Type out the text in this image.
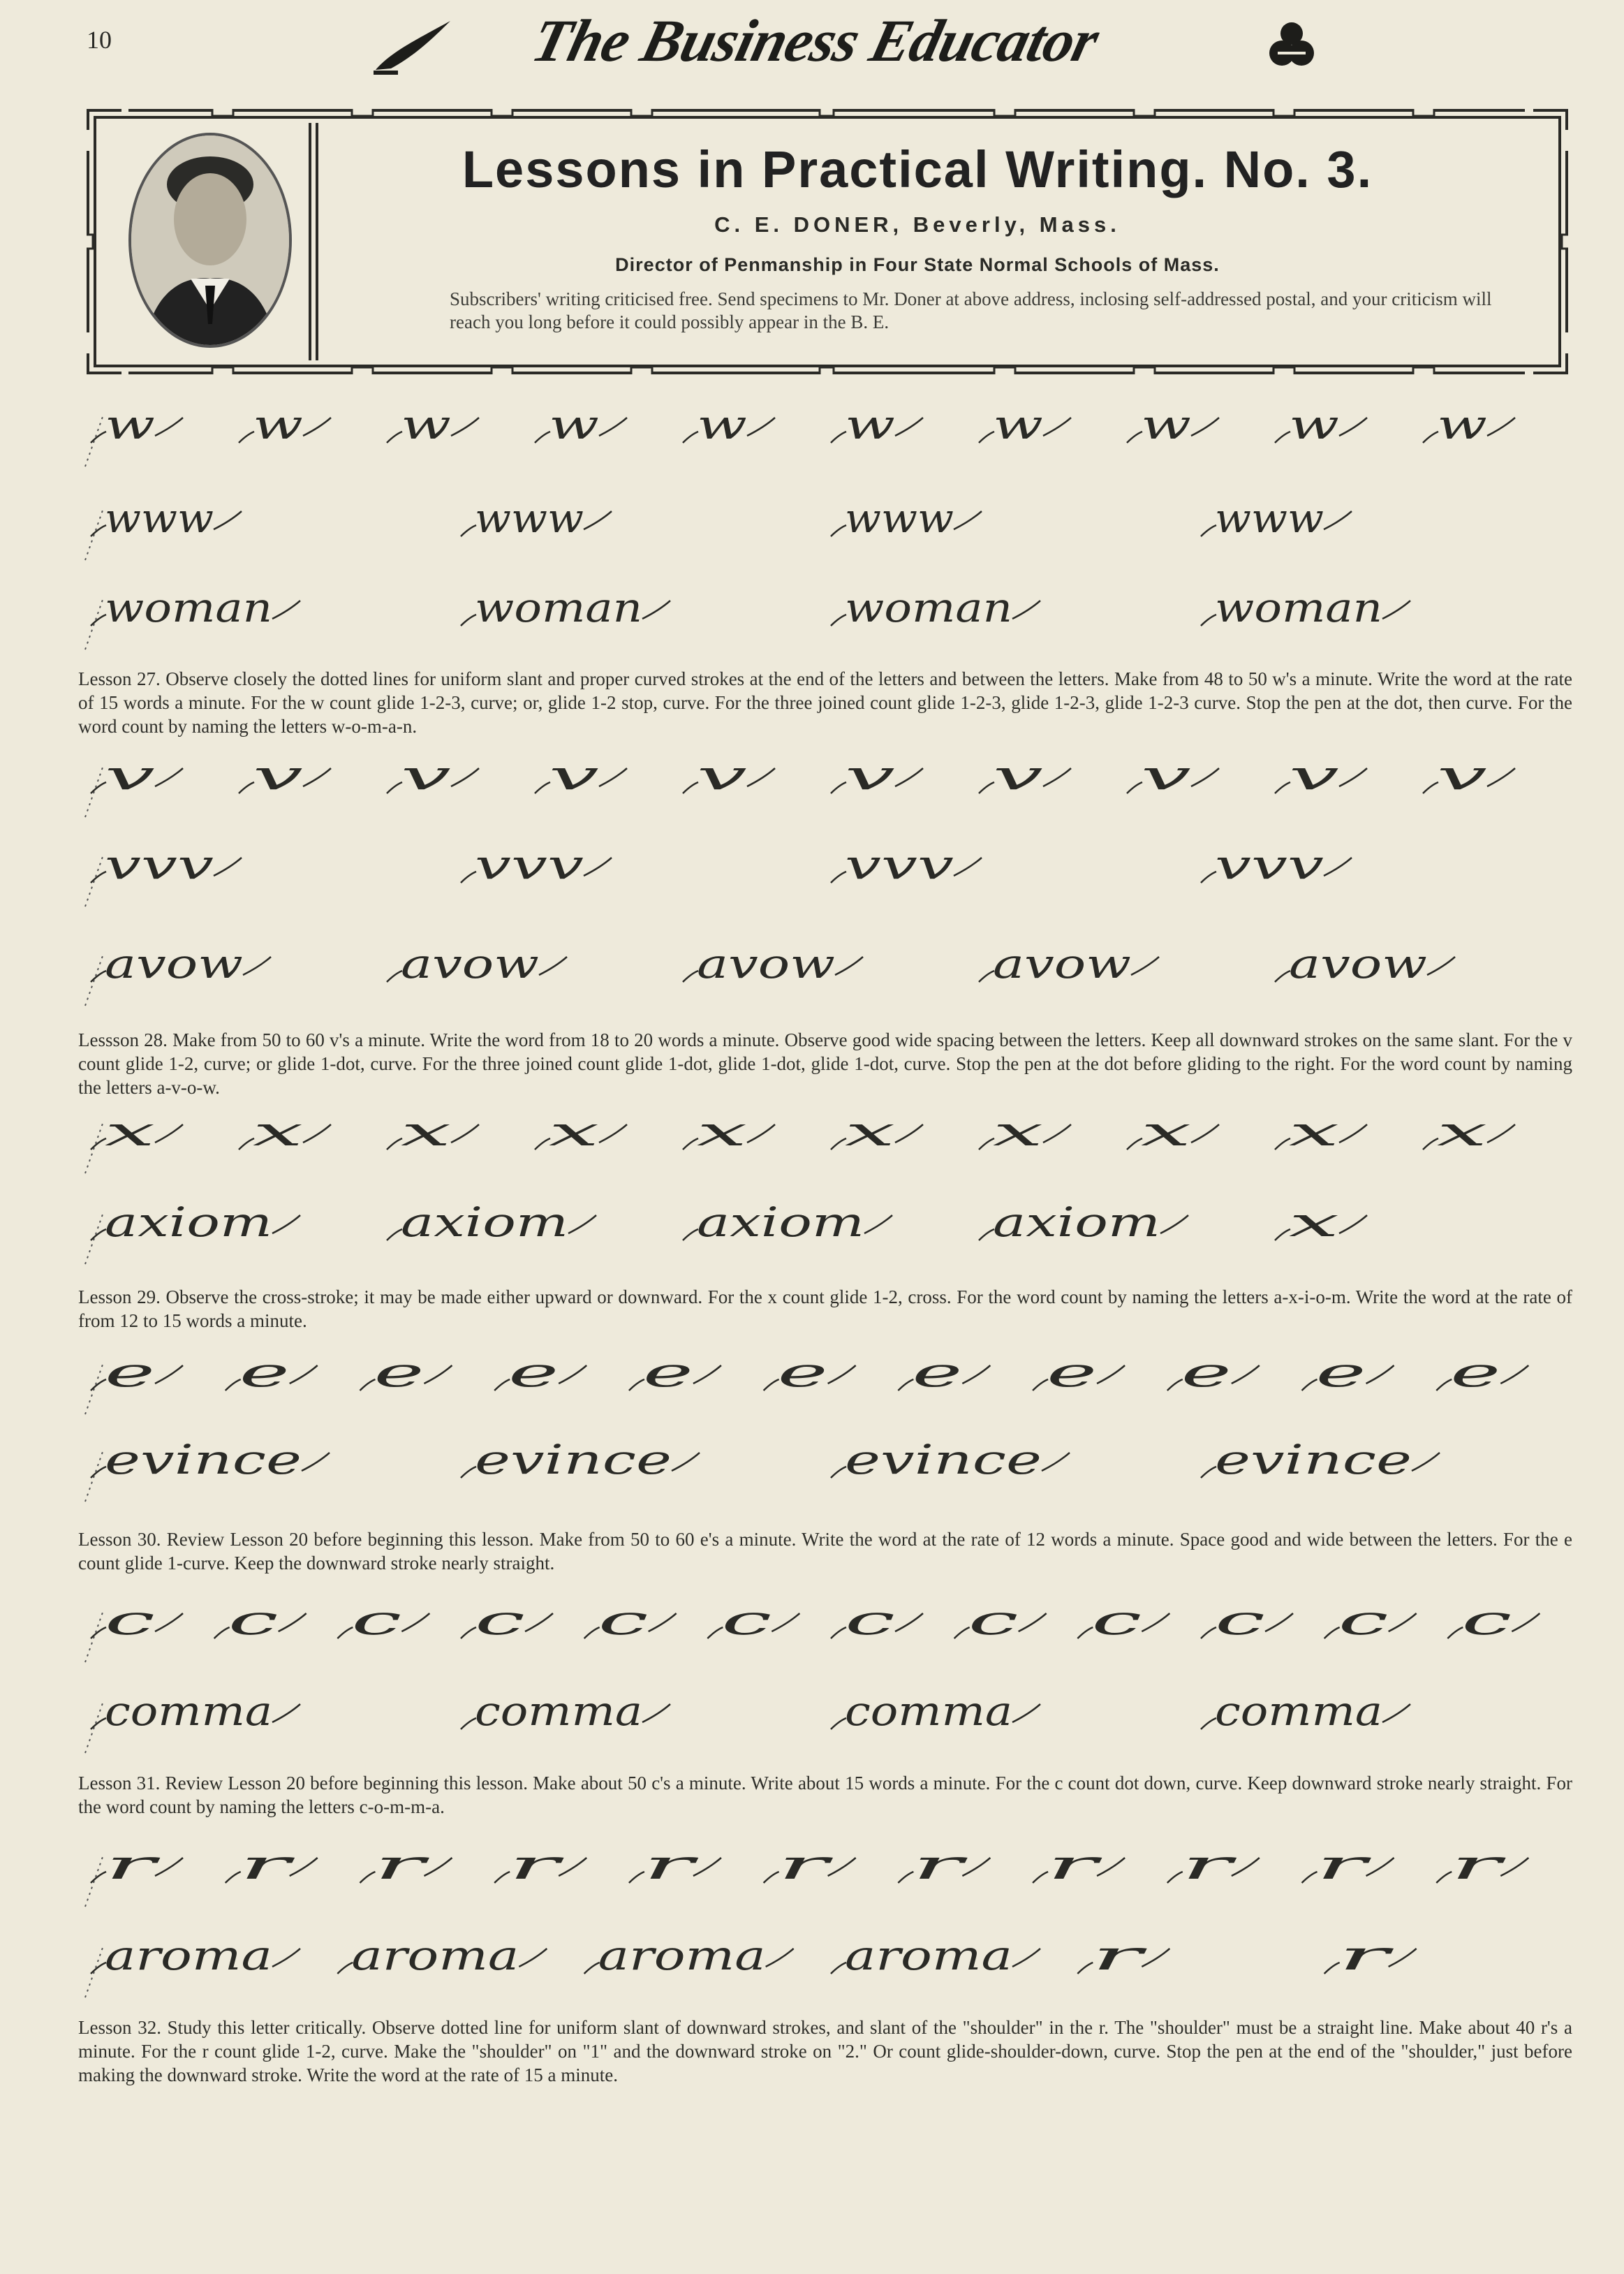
10	The Business Educator
Lessons in Practical Writing. No. 3.
C. E. DONER, Beverly, Mass.
Director of Penmanship in Four State Normal Schools of Mass.
Subscribers' writing criticised free. Send specimens to Mr. Doner at above address, inclosing self-addressed postal, and your criticism will reach you long before it could possibly appear in the B. E.
w w w w w w w w w w
www	www	www	www
woman	woman	woman	woman
v v v v v v v v v v
vvv	vvv	vvv	vvv
avow	avow	avow	avow	avow
x x x x x x x x x x
axiom	axiom	axiom	axiom	x
e e e e e e e e e e e
evince	evince	evince	evince
c c c c c c c c c c c c
comma	comma	comma	comma
r r r r r r r r r r r
aroma aroma aroma aroma r	r
Lesson 27. Observe closely the dotted lines for uniform slant and proper curved strokes at the end of the letters and between the letters. Make from 48 to 50 w's a minute. Write the word at the rate of 15 words a minute. For the w count glide 1-2-3, curve; or, glide 1-2 stop, curve. For the three joined count glide 1-2-3, glide 1-2-3, glide 1-2-3 curve. Stop the pen at the dot, then curve. For the word count by naming the letters w-o-m-a-n.
Lessson 28. Make from 50 to 60 v's a minute. Write the word from 18 to 20 words a minute. Observe good wide spacing between the letters. Keep all downward strokes on the same slant. For the v count glide 1-2, curve; or glide 1-dot, curve. For the three joined count glide 1-dot, glide 1-dot, glide 1-dot, curve. Stop the pen at the dot before gliding to the right. For the word count by naming the letters a-v-o-w.
Lesson 29. Observe the cross-stroke; it may be made either upward or downward. For the x count glide 1-2, cross. For the word count by naming the letters a-x-i-o-m. Write the word at the rate of from 12 to 15 words a minute.
Lesson 30. Review Lesson 20 before beginning this lesson. Make from 50 to 60 e's a minute. Write the word at the rate of 12 words a minute. Space good and wide between the letters. For the e count glide 1-curve. Keep the downward stroke nearly straight.
Lesson 31. Review Lesson 20 before beginning this lesson. Make about 50 c's a minute. Write about 15 words a minute. For the c count dot down, curve. Keep downward stroke nearly straight. For the word count by naming the letters c-o-m-m-a.
Lesson 32. Study this letter critically. Observe dotted line for uniform slant of downward strokes, and slant of the "shoulder" in the r. The "shoulder" must be a straight line. Make about 40 r's a minute. For the r count glide 1-2, curve. Make the "shoulder" on "1" and the downward stroke on "2." Or count glide-shoulder-down, curve. Stop the pen at the end of the "shoulder," just before making the downward stroke. Write the word at the rate of 15 a minute.
